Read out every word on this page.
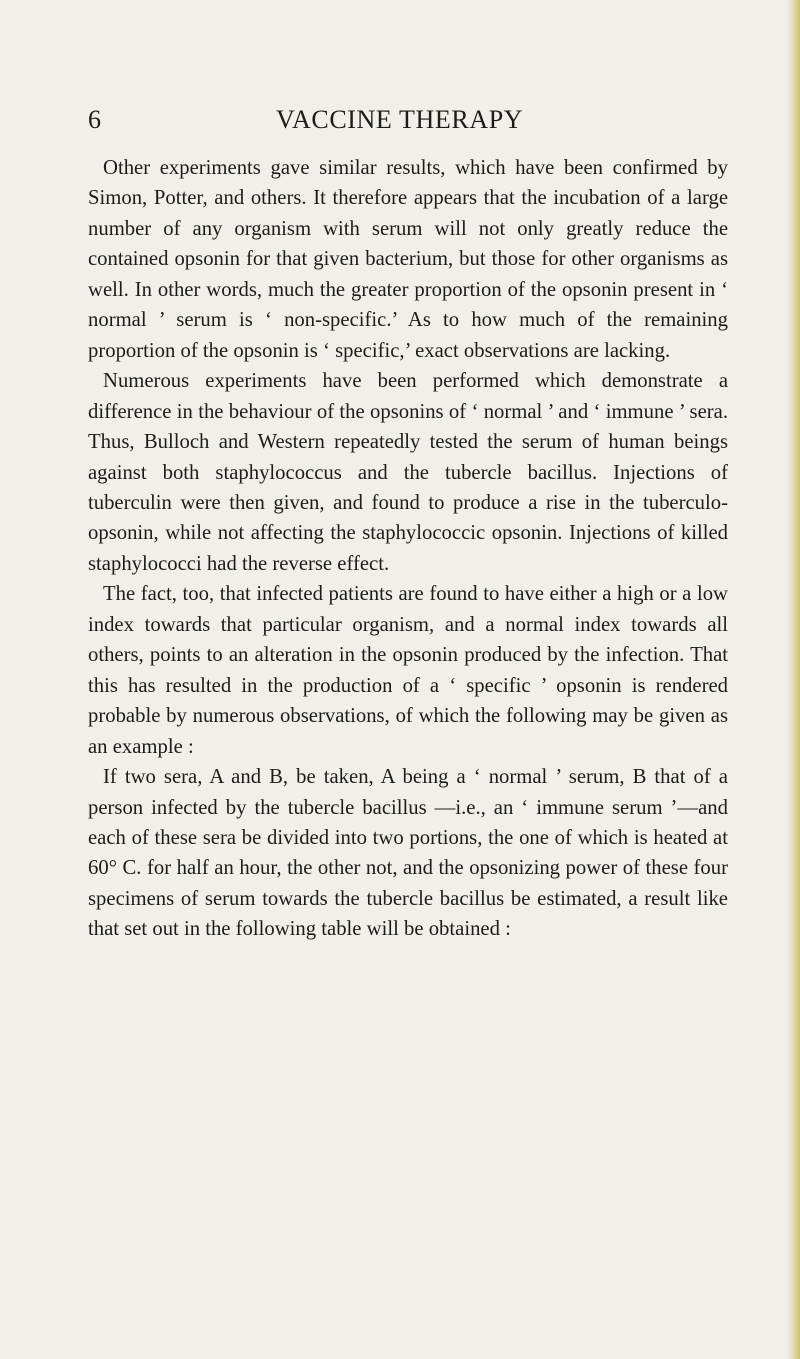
6	VACCINE THERAPY

Other experiments gave similar results, which have been confirmed by Simon, Potter, and others. It therefore appears that the incubation of a large number of any organism with serum will not only greatly reduce the contained opsonin for that given bacterium, but those for other organisms as well. In other words, much the greater proportion of the opsonin present in ‘ normal ’ serum is ‘ non-specific.’ As to how much of the remaining proportion of the opsonin is ‘ specific,’ exact observations are lacking.

Numerous experiments have been performed which demonstrate a difference in the behaviour of the opsonins of ‘ normal ’ and ‘ immune ’ sera. Thus, Bulloch and Western repeatedly tested the serum of human beings against both staphylococcus and the tubercle bacillus. Injections of tuberculin were then given, and found to produce a rise in the tuberculo-opsonin, while not affecting the staphylococcic opsonin. Injections of killed staphylococci had the reverse effect.

The fact, too, that infected patients are found to have either a high or a low index towards that particular organism, and a normal index towards all others, points to an alteration in the opsonin produced by the infection. That this has resulted in the production of a ‘ specific ’ opsonin is rendered probable by numerous observations, of which the following may be given as an example :

If two sera, A and B, be taken, A being a ‘ normal ’ serum, B that of a person infected by the tubercle bacillus —i.e., an ‘ immune serum ’—and each of these sera be divided into two portions, the one of which is heated at 60° C. for half an hour, the other not, and the opsonizing power of these four specimens of serum towards the tubercle bacillus be estimated, a result like that set out in the following table will be obtained :
